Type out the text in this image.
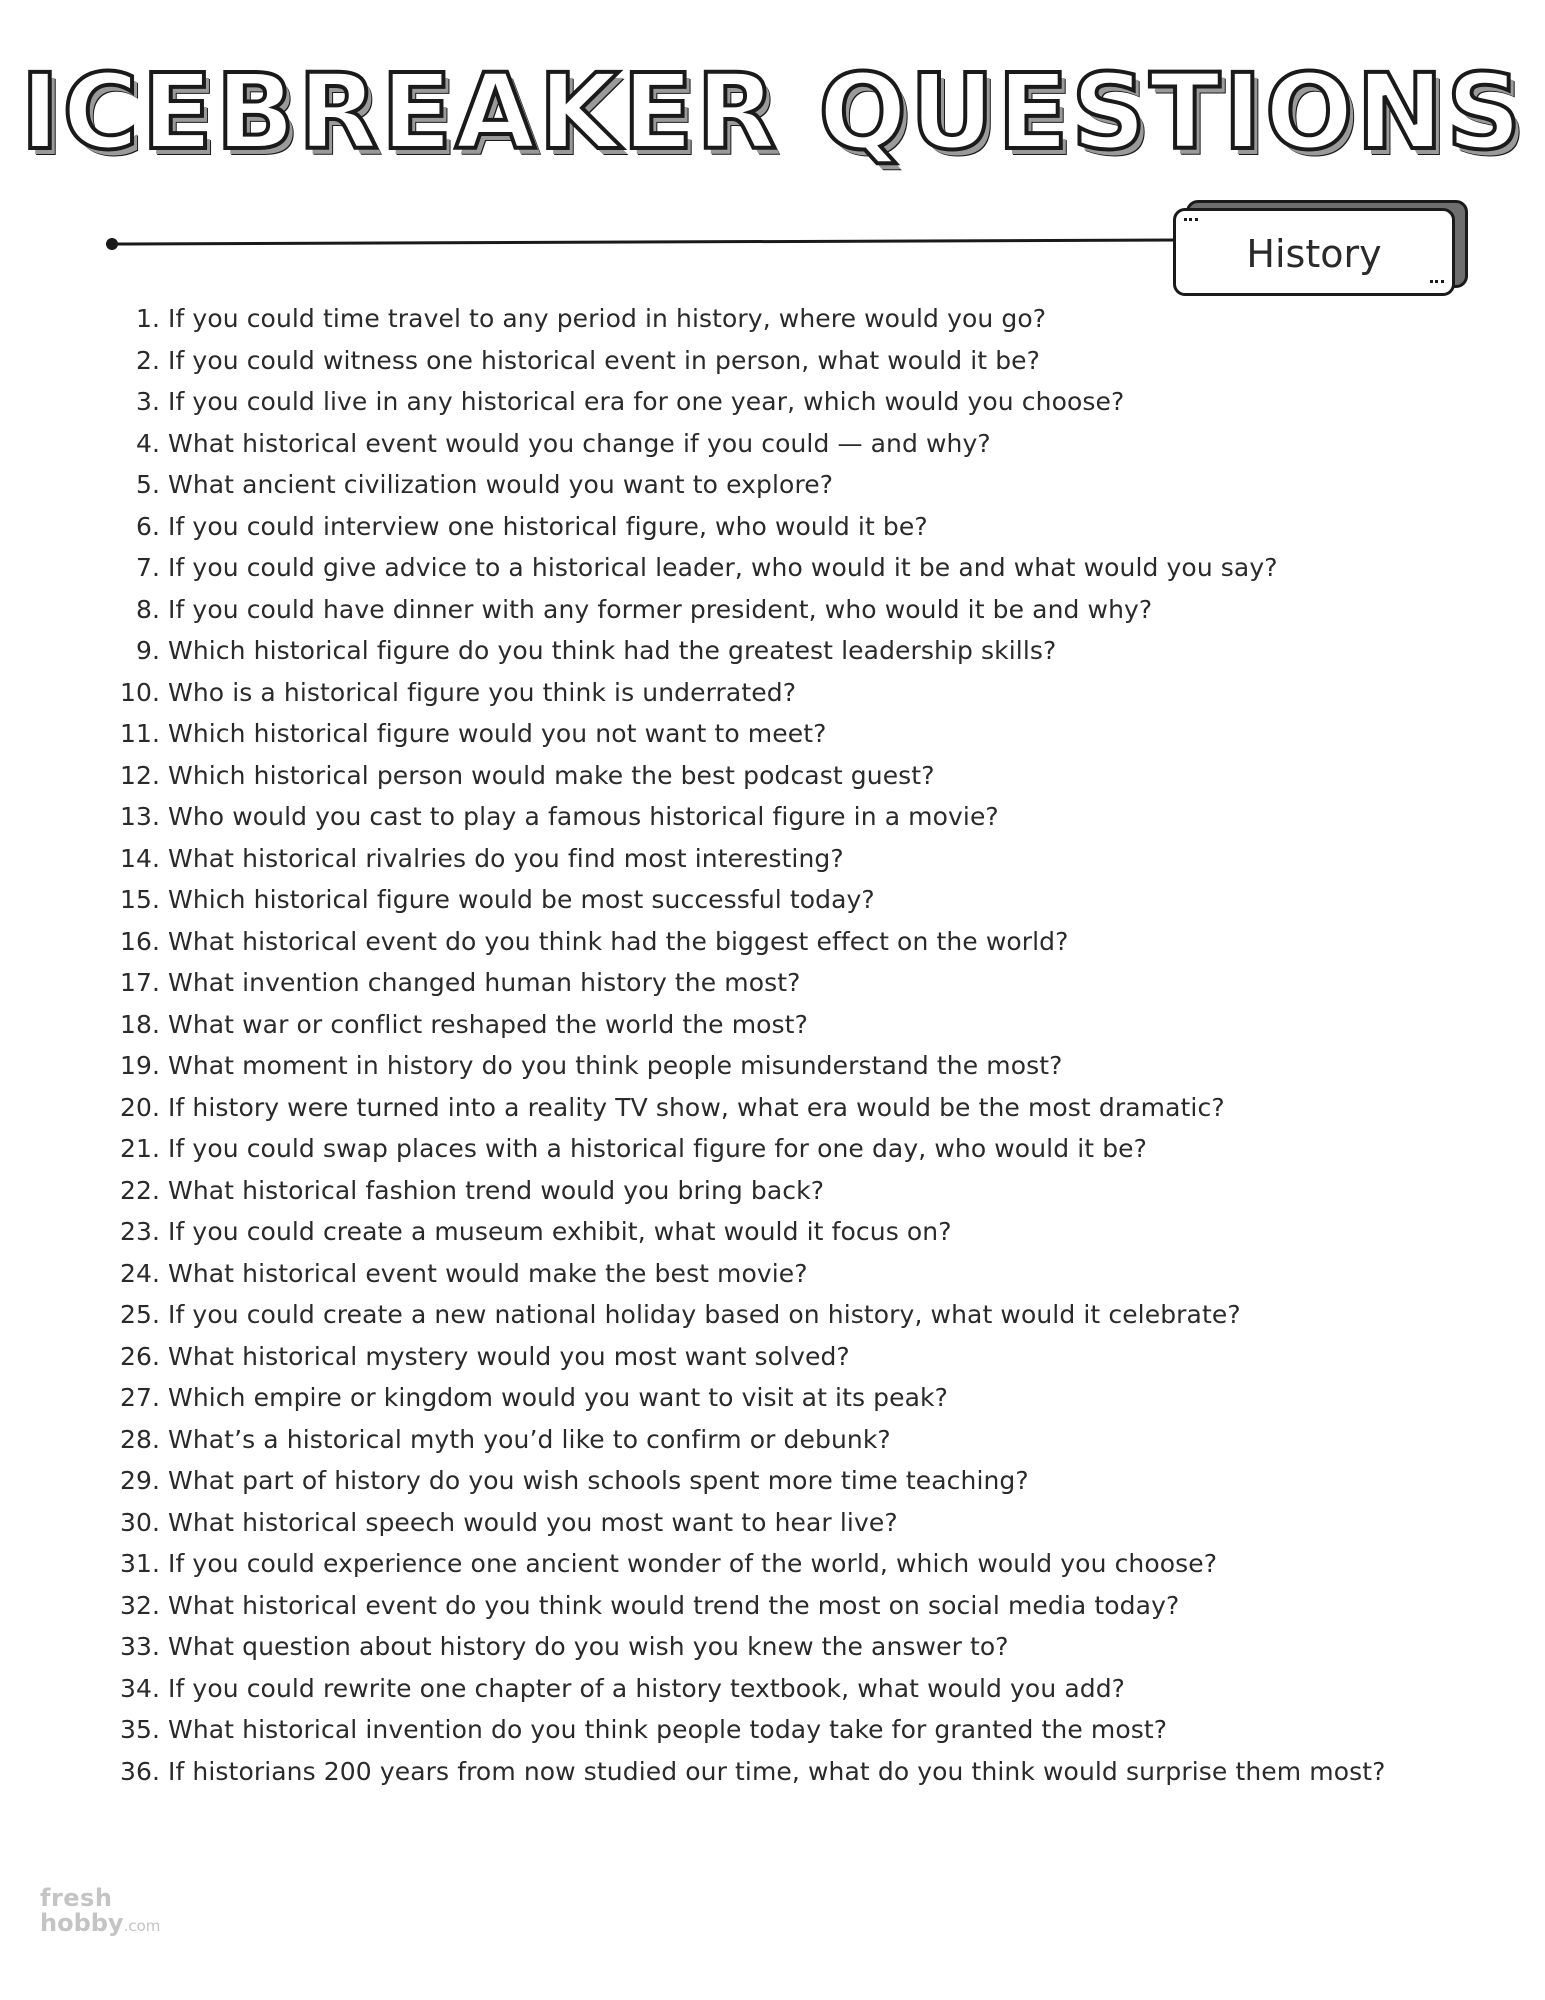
ICEBREAKER QUESTIONS
History
1. If you could time travel to any period in history, where would you go?
2. If you could witness one historical event in person, what would it be?
3. If you could live in any historical era for one year, which would you choose?
4. What historical event would you change if you could — and why?
5. What ancient civilization would you want to explore?
6. If you could interview one historical figure, who would it be?
7. If you could give advice to a historical leader, who would it be and what would you say?
8. If you could have dinner with any former president, who would it be and why?
9. Which historical figure do you think had the greatest leadership skills?
10. Who is a historical figure you think is underrated?
11. Which historical figure would you not want to meet?
12. Which historical person would make the best podcast guest?
13. Who would you cast to play a famous historical figure in a movie?
14. What historical rivalries do you find most interesting?
15. Which historical figure would be most successful today?
16. What historical event do you think had the biggest effect on the world?
17. What invention changed human history the most?
18. What war or conflict reshaped the world the most?
19. What moment in history do you think people misunderstand the most?
20. If history were turned into a reality TV show, what era would be the most dramatic?
21. If you could swap places with a historical figure for one day, who would it be?
22. What historical fashion trend would you bring back?
23. If you could create a museum exhibit, what would it focus on?
24. What historical event would make the best movie?
25. If you could create a new national holiday based on history, what would it celebrate?
26. What historical mystery would you most want solved?
27. Which empire or kingdom would you want to visit at its peak?
28. What’s a historical myth you’d like to confirm or debunk?
29. What part of history do you wish schools spent more time teaching?
30. What historical speech would you most want to hear live?
31. If you could experience one ancient wonder of the world, which would you choose?
32. What historical event do you think would trend the most on social media today?
33. What question about history do you wish you knew the answer to?
34. If you could rewrite one chapter of a history textbook, what would you add?
35. What historical invention do you think people today take for granted the most?
36. If historians 200 years from now studied our time, what do you think would surprise them most?
fresh
hobby.com
